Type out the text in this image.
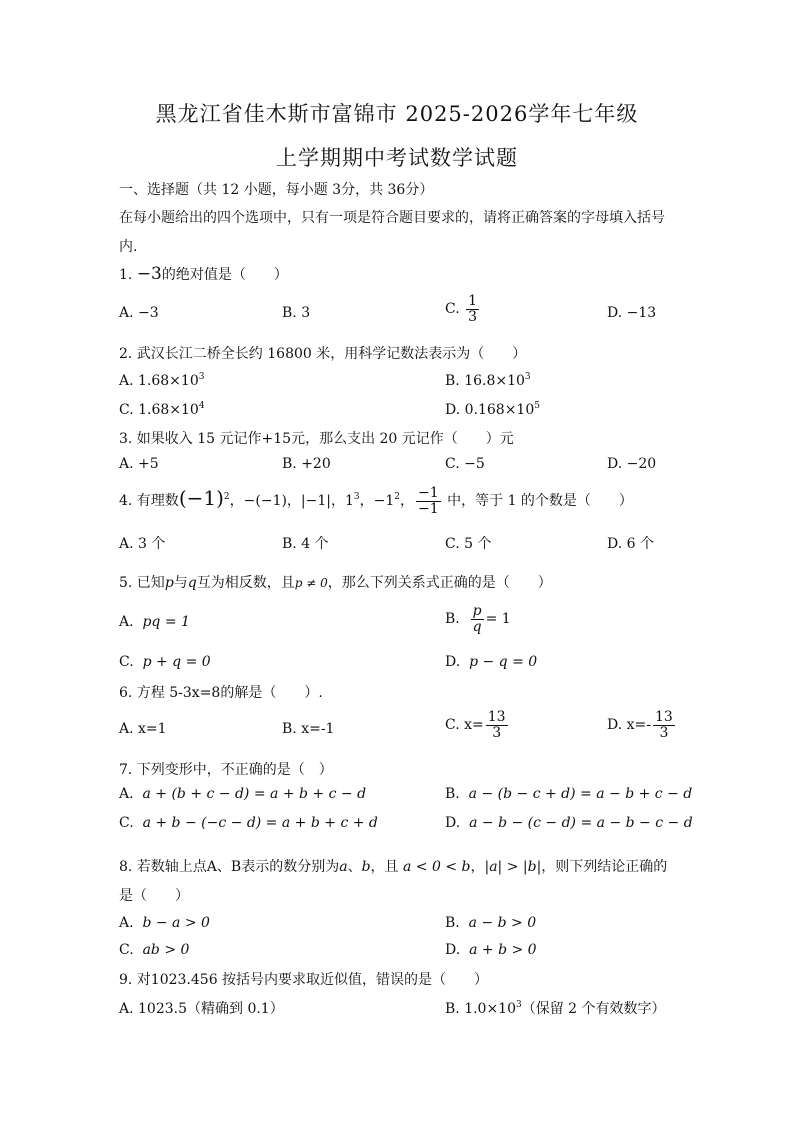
黑龙江省佳木斯市富锦市 2025-2026学年七年级
上学期期中考试数学试题
一、选择题（共 12 小题，每小题 3分，共 36分）
在每小题给出的四个选项中，只有一项是符合题目要求的，请将正确答案的字母填入括号
内.
1. −3的绝对值是（　　）
A. −3	B. 3	C. $\frac{1}{3}$	D. −13
2. 武汉长江二桥全长约 16800 米，用科学记数法表示为（　　）
A. $1.68\times 10^3$	B. $16.8\times 10^3$
C. $1.68\times 10^4$	D. $0.168\times 10^5$
3. 如果收入 15 元记作+15元，那么支出 20 元记作（　　）元
A. +5	B. +20	C. −5	D. −20
4. 有理数$(-1)^2$，−(−1)，|−1|，$1^3$，$-1^2$， $\frac{-1}{-1}$ 中，等于 1 的个数是（　　）
A. 3 个	B. 4 个	C. 5 个	D. 6 个
5. 已知p与q互为相反数，且p ≠ 0，那么下列关系式正确的是（　　）
A. pq = 1	B. $\frac{p}{q} = 1$
C. p + q = 0	D. p − q = 0
6. 方程 5-3x=8的解是（　　）.
A. x=1	B. x=-1	C. $x= \frac{13}{3}$	D. $x=- \frac{13}{3}$
7. 下列变形中，不正确的是（　）
A. a + (b + c − d) = a + b + c − d	B. a − (b − c + d) = a − b + c − d
C. a + b − (−c − d) = a + b + c + d	D. a − b − (c − d) = a − b − c − d
8. 若数轴上点A、B表示的数分别为a、b，且 a < 0 < b，|a| > |b|，则下列结论正确的
是（　　）
A. b − a > 0	B. a − b > 0
C. ab > 0	D. a + b > 0
9. 对1023.456 按括号内要求取近似值，错误的是（　　）
A. 1023.5（精确到 0.1）	B. $1.0\times 10^3$（保留 2 个有效数字）
